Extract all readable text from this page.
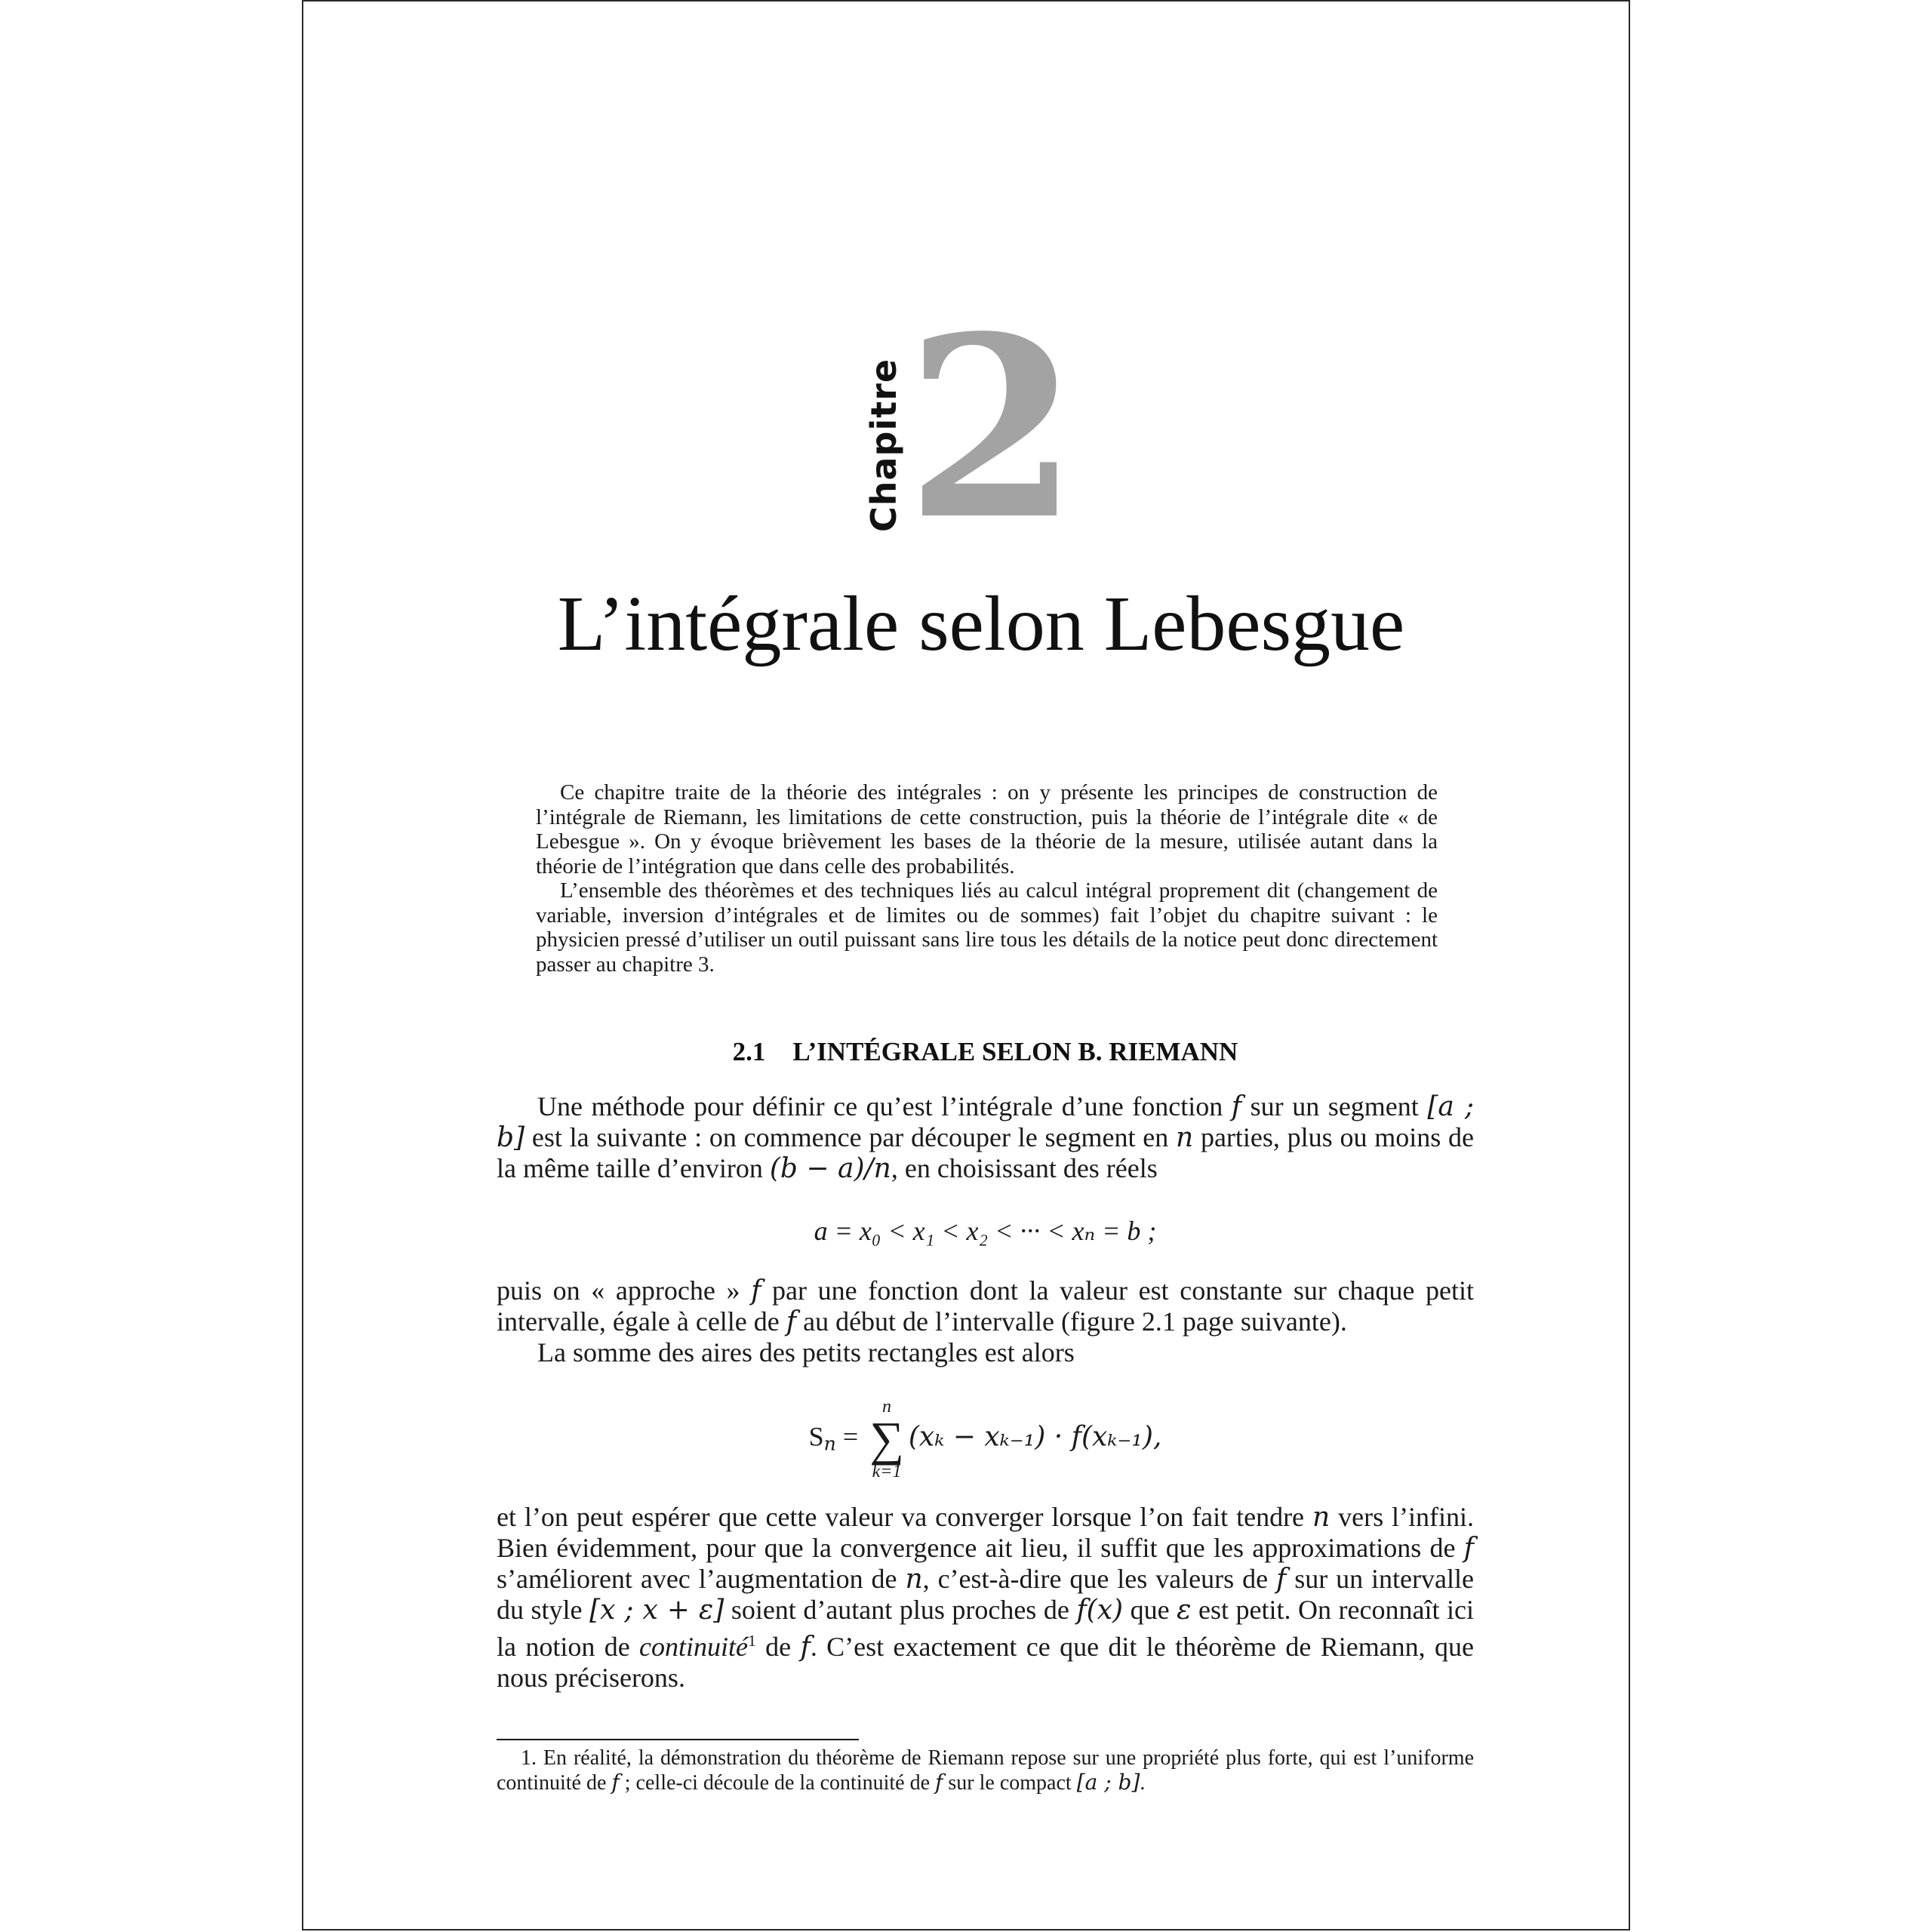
Chapitre 2
L’intégrale selon Lebesgue

Ce chapitre traite de la théorie des intégrales : on y présente les principes de construction de l’intégrale de Riemann, les limitations de cette construction, puis la théorie de l’intégrale dite « de Lebesgue ». On y évoque brièvement les bases de la théorie de la mesure, utilisée autant dans la théorie de l’intégration que dans celle des probabilités.

L’ensemble des théorèmes et des techniques liés au calcul intégral proprement dit (changement de variable, inversion d’intégrales et de limites ou de sommes) fait l’objet du chapitre suivant : le physicien pressé d’utiliser un outil puissant sans lire tous les détails de la notice peut donc directement passer au chapitre 3.

2.1 L’INTÉGRALE SELON B. RIEMANN

Une méthode pour définir ce qu’est l’intégrale d’une fonction f sur un segment [a ; b] est la suivante : on commence par découper le segment en n parties, plus ou moins de la même taille d’environ (b − a)/n, en choisissant des réels

a = x₀ < x₁ < x₂ < ··· < xₙ = b ;

puis on « approche » f par une fonction dont la valeur est constante sur chaque petit intervalle, égale à celle de f au début de l’intervalle (figure 2.1 page suivante).

La somme des aires des petits rectangles est alors

$S_n$ =
n
∑
k=1
(xₖ − xₖ₋₁) · f(xₖ₋₁),

et l’on peut espérer que cette valeur va converger lorsque l’on fait tendre n vers l’infini. Bien évidemment, pour que la convergence ait lieu, il suffit que les approximations de f s’améliorent avec l’augmentation de n, c’est-à-dire que les valeurs de f sur un intervalle du style [x ; x + ε] soient d’autant plus proches de f(x) que ε est petit. On reconnaît ici la notion de continuité$^1$ de f. C’est exactement ce que dit le théorème de Riemann, que nous préciserons.

1. En réalité, la démonstration du théorème de Riemann repose sur une propriété plus forte, qui est l’uniforme continuité de f ; celle-ci découle de la continuité de f sur le compact [a ; b].
